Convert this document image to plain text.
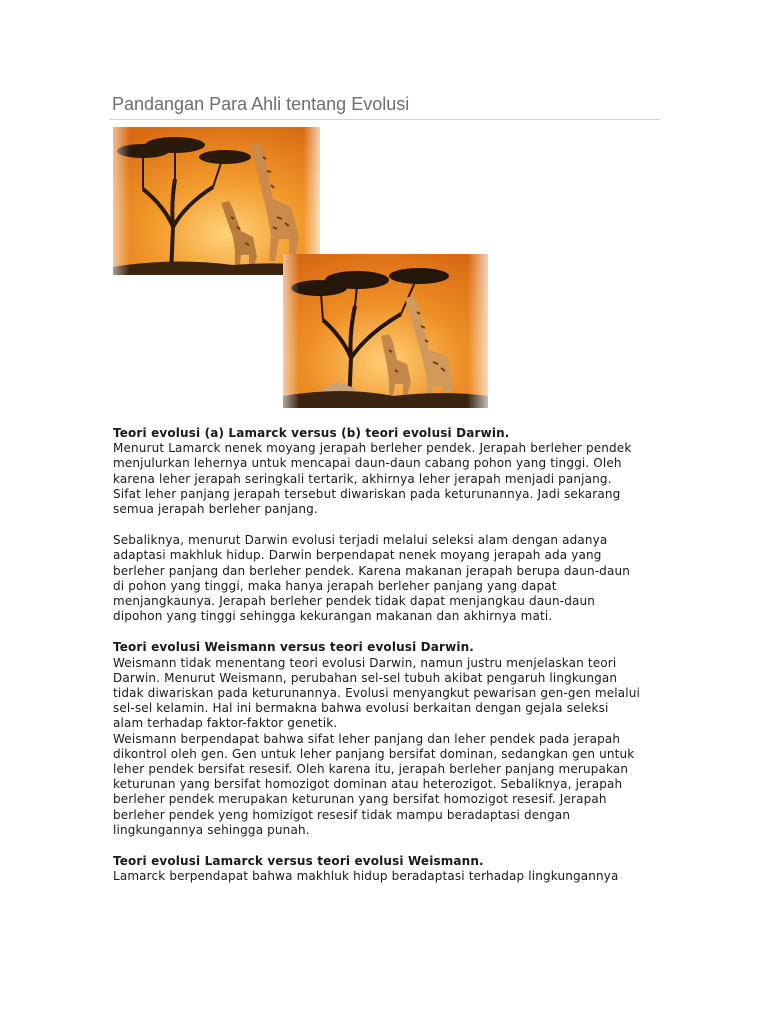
Pandangan Para Ahli tentang Evolusi

Teori evolusi (a) Lamarck versus (b) teori evolusi Darwin.

Menurut Lamarck nenek moyang jerapah berleher pendek. Jerapah berleher pendek

menjulurkan lehernya untuk mencapai daun-daun cabang pohon yang tinggi. Oleh

karena leher jerapah seringkali tertarik, akhirnya leher jerapah menjadi panjang.

Sifat leher panjang jerapah tersebut diwariskan pada keturunannya. Jadi sekarang

semua jerapah berleher panjang.

Sebaliknya, menurut Darwin evolusi terjadi melalui seleksi alam dengan adanya

adaptasi makhluk hidup. Darwin berpendapat nenek moyang jerapah ada yang

berleher panjang dan berleher pendek. Karena makanan jerapah berupa daun-daun

di pohon yang tinggi, maka hanya jerapah berleher panjang yang dapat

menjangkaunya. Jerapah berleher pendek tidak dapat menjangkau daun-daun

dipohon yang tinggi sehingga kekurangan makanan dan akhirnya mati.

Teori evolusi Weismann versus teori evolusi Darwin.

Weismann tidak menentang teori evolusi Darwin, namun justru menjelaskan teori

Darwin. Menurut Weismann, perubahan sel-sel tubuh akibat pengaruh lingkungan

tidak diwariskan pada keturunannya. Evolusi menyangkut pewarisan gen-gen melalui

sel-sel kelamin. Hal ini bermakna bahwa evolusi berkaitan dengan gejala seleksi

alam terhadap faktor-faktor genetik.

Weismann berpendapat bahwa sifat leher panjang dan leher pendek pada jerapah

dikontrol oleh gen. Gen untuk leher panjang bersifat dominan, sedangkan gen untuk

leher pendek bersifat resesif. Oleh karena itu, jerapah berleher panjang merupakan

keturunan yang bersifat homozigot dominan atau heterozigot. Sebaliknya, jerapah

berleher pendek merupakan keturunan yang bersifat homozigot resesif. Jerapah

berleher pendek yeng homizigot resesif tidak mampu beradaptasi dengan

lingkungannya sehingga punah.

Teori evolusi Lamarck versus teori evolusi Weismann.

Lamarck berpendapat bahwa makhluk hidup beradaptasi terhadap lingkungannya
